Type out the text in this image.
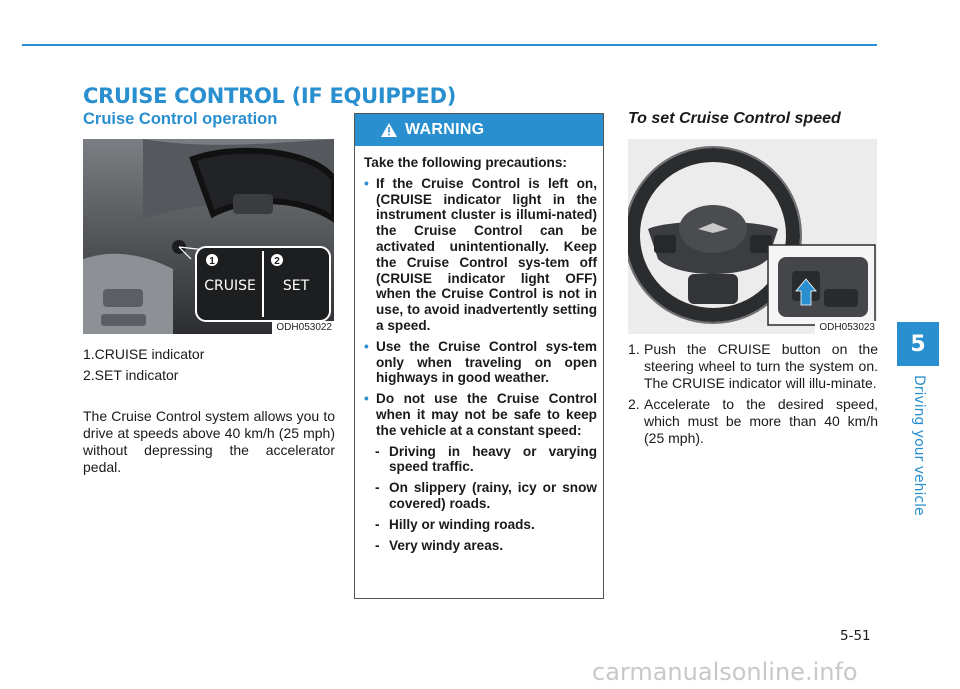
CRUISE CONTROL (IF EQUIPPED)
Cruise Control operation
1	2
CRUISE SET
ODH053022
1.CRUISE indicator
2.SET indicator

The Cruise Control system allows you to drive at speeds above 40 km/h (25 mph) without depressing the accelerator pedal.

WARNING

Take the following precautions:

• If the Cruise Control is left on, (CRUISE indicator light in the instrument cluster is illumi-nated) the Cruise Control can be activated unintentionally. Keep the Cruise Control sys-tem off (CRUISE indicator light OFF) when the Cruise Control is not in use, to avoid inadvertently setting a speed.
• Use the Cruise Control sys-tem only when traveling on open highways in good weather.
• Do not use the Cruise Control when it may not be safe to keep the vehicle at a constant speed:
- Driving in heavy or varying speed traffic.
- On slippery (rainy, icy or snow covered) roads.
- Hilly or winding roads.
- Very windy areas.
To set Cruise Control speed
ODH053023
1. Push the CRUISE button on the steering wheel to turn the system on. The CRUISE indicator will illu-minate.
2. Accelerate to the desired speed, which must be more than 40 km/h (25 mph).
5
Driving your vehicle
5-51
carmanualsonline.info
